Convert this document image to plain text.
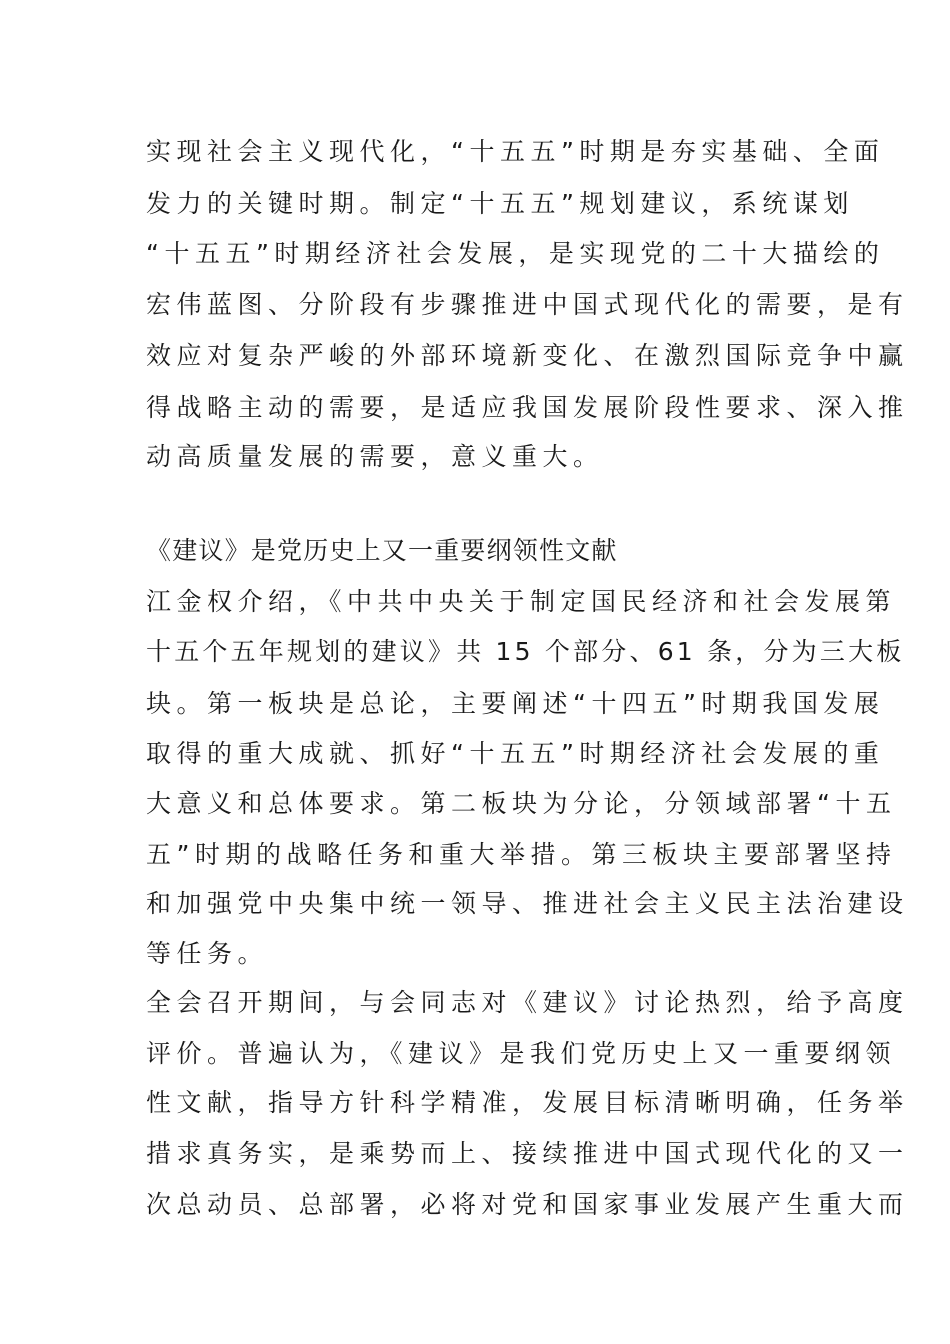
实现社会主义现代化，“十五五”时期是夯实基础、全面
发力的关键时期。制定“十五五”规划建议，系统谋划
“十五五”时期经济社会发展，是实现党的二十大描绘的
宏伟蓝图、分阶段有步骤推进中国式现代化的需要，是有
效应对复杂严峻的外部环境新变化、在激烈国际竞争中赢
得战略主动的需要，是适应我国发展阶段性要求、深入推
动高质量发展的需要，意义重大。
《建议》是党历史上又一重要纲领性文献
江金权介绍，《中共中央关于制定国民经济和社会发展第
十五个五年规划的建议》共 15 个部分、61 条，分为三大板
块。第一板块是总论，主要阐述“十四五”时期我国发展
取得的重大成就、抓好“十五五”时期经济社会发展的重
大意义和总体要求。第二板块为分论，分领域部署“十五
五”时期的战略任务和重大举措。第三板块主要部署坚持
和加强党中央集中统一领导、推进社会主义民主法治建设
等任务。
全会召开期间，与会同志对《建议》讨论热烈，给予高度
评价。普遍认为，《建议》是我们党历史上又一重要纲领
性文献，指导方针科学精准，发展目标清晰明确，任务举
措求真务实，是乘势而上、接续推进中国式现代化的又一
次总动员、总部署，必将对党和国家事业发展产生重大而
